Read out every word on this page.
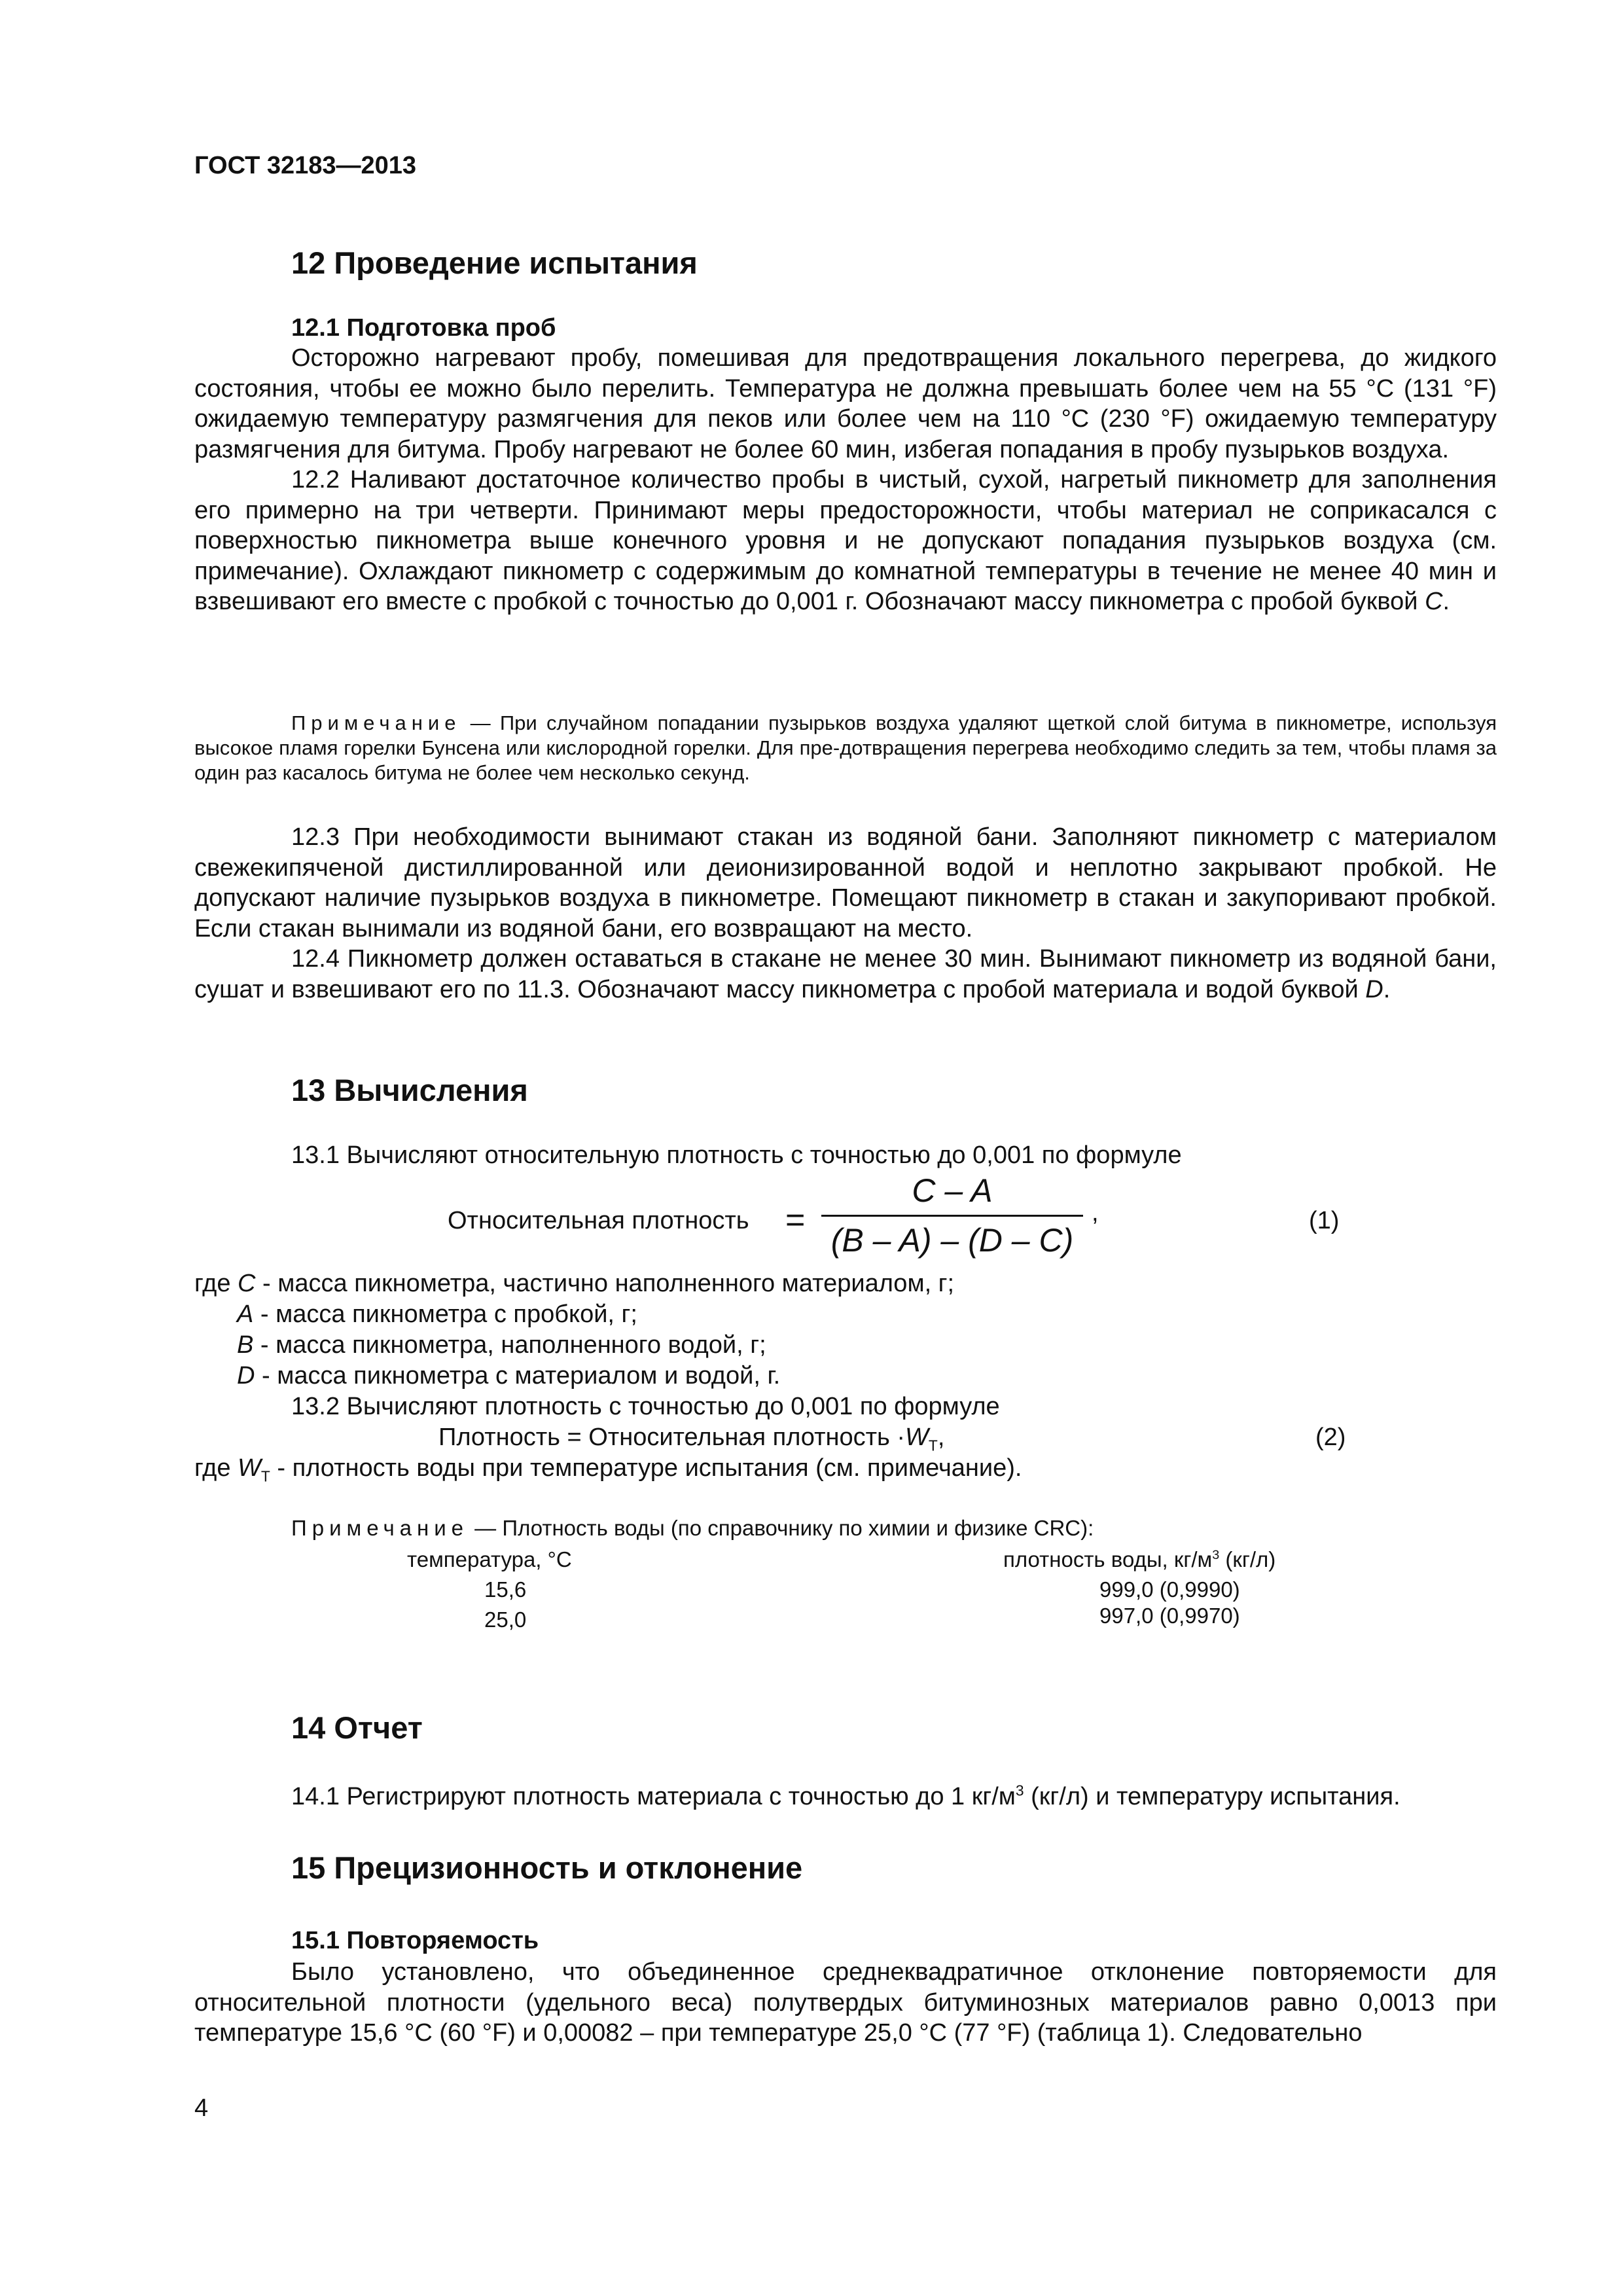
ГОСТ 32183—2013
12 Проведение испытания
12.1 Подготовка проб

Осторожно нагревают пробу, помешивая для предотвращения локального перегрева, до жидкого состояния, чтобы ее можно было перелить. Температура не должна превышать более чем на 55 °C (131 °F) ожидаемую температуру размягчения для пеков или более чем на 110 °C (230 °F) ожидаемую температуру размягчения для битума. Пробу нагревают не более 60 мин, избегая попадания в пробу пузырьков воздуха.

12.2 Наливают достаточное количество пробы в чистый, сухой, нагретый пикнометр для заполнения его примерно на три четверти. Принимают меры предосторожности, чтобы материал не соприкасался с поверхностью пикнометра выше конечного уровня и не допускают попадания пузырьков воздуха (см. примечание). Охлаждают пикнометр с содержимым до комнатной температуры в течение не менее 40 мин и взвешивают его вместе с пробкой с точностью до 0,001 г. Обозначают массу пикнометра с пробой буквой C.

Примечание — При случайном попадании пузырьков воздуха удаляют щеткой слой битума в пикнометре, используя высокое пламя горелки Бунсена или кислородной горелки. Для пре-дотвращения перегрева необходимо следить за тем, чтобы пламя за один раз касалось битума не более чем несколько секунд.

12.3 При необходимости вынимают стакан из водяной бани. Заполняют пикнометр с материалом свежекипяченой дистиллированной или деионизированной водой и неплотно закрывают пробкой. Не допускают наличие пузырьков воздуха в пикнометре. Помещают пикнометр в стакан и закупоривают пробкой. Если стакан вынимали из водяной бани, его возвращают на место.

12.4 Пикнометр должен оставаться в стакане не менее 30 мин. Вынимают пикнометр из водяной бани, сушат и взвешивают его по 11.3. Обозначают массу пикнометра с пробой материала и водой буквой D.

13 Вычисления
13.1 Вычисляют относительную плотность с точностью до 0,001 по формуле
Относительная плотность =
C – A
(B – A) – (D – C)
,	(1)
где C - масса пикнометра, частично наполненного материалом, г;
A - масса пикнометра с пробкой, г;
B - масса пикнометра, наполненного водой, г;
D - масса пикнометра с материалом и водой, г.
13.2 Вычисляют плотность с точностью до 0,001 по формуле
Плотность = Относительная плотность $\cdot W_T$,	(2)
где $W_T$ - плотность воды при температуре испытания (см. примечание).
Примечание — Плотность воды (по справочнику по химии и физике CRC):
температура, °C	плотность воды, $кг/м^3$ (кг/л)
15,6	999,0 (0,9990)
25,0	997,0 (0,9970)
14 Отчет
14.1 Регистрируют плотность материала с точностью до 1 $кг/м^3$ (кг/л) и температуру испытания.
15 Прецизионность и отклонение
15.1 Повторяемость

Было установлено, что объединенное среднеквадратичное отклонение повторяемости для относительной плотности (удельного веса) полутвердых битуминозных материалов равно 0,0013 при температуре 15,6 °C (60 °F) и 0,00082 – при температуре 25,0 °C (77 °F) (таблица 1). Следовательно

4
